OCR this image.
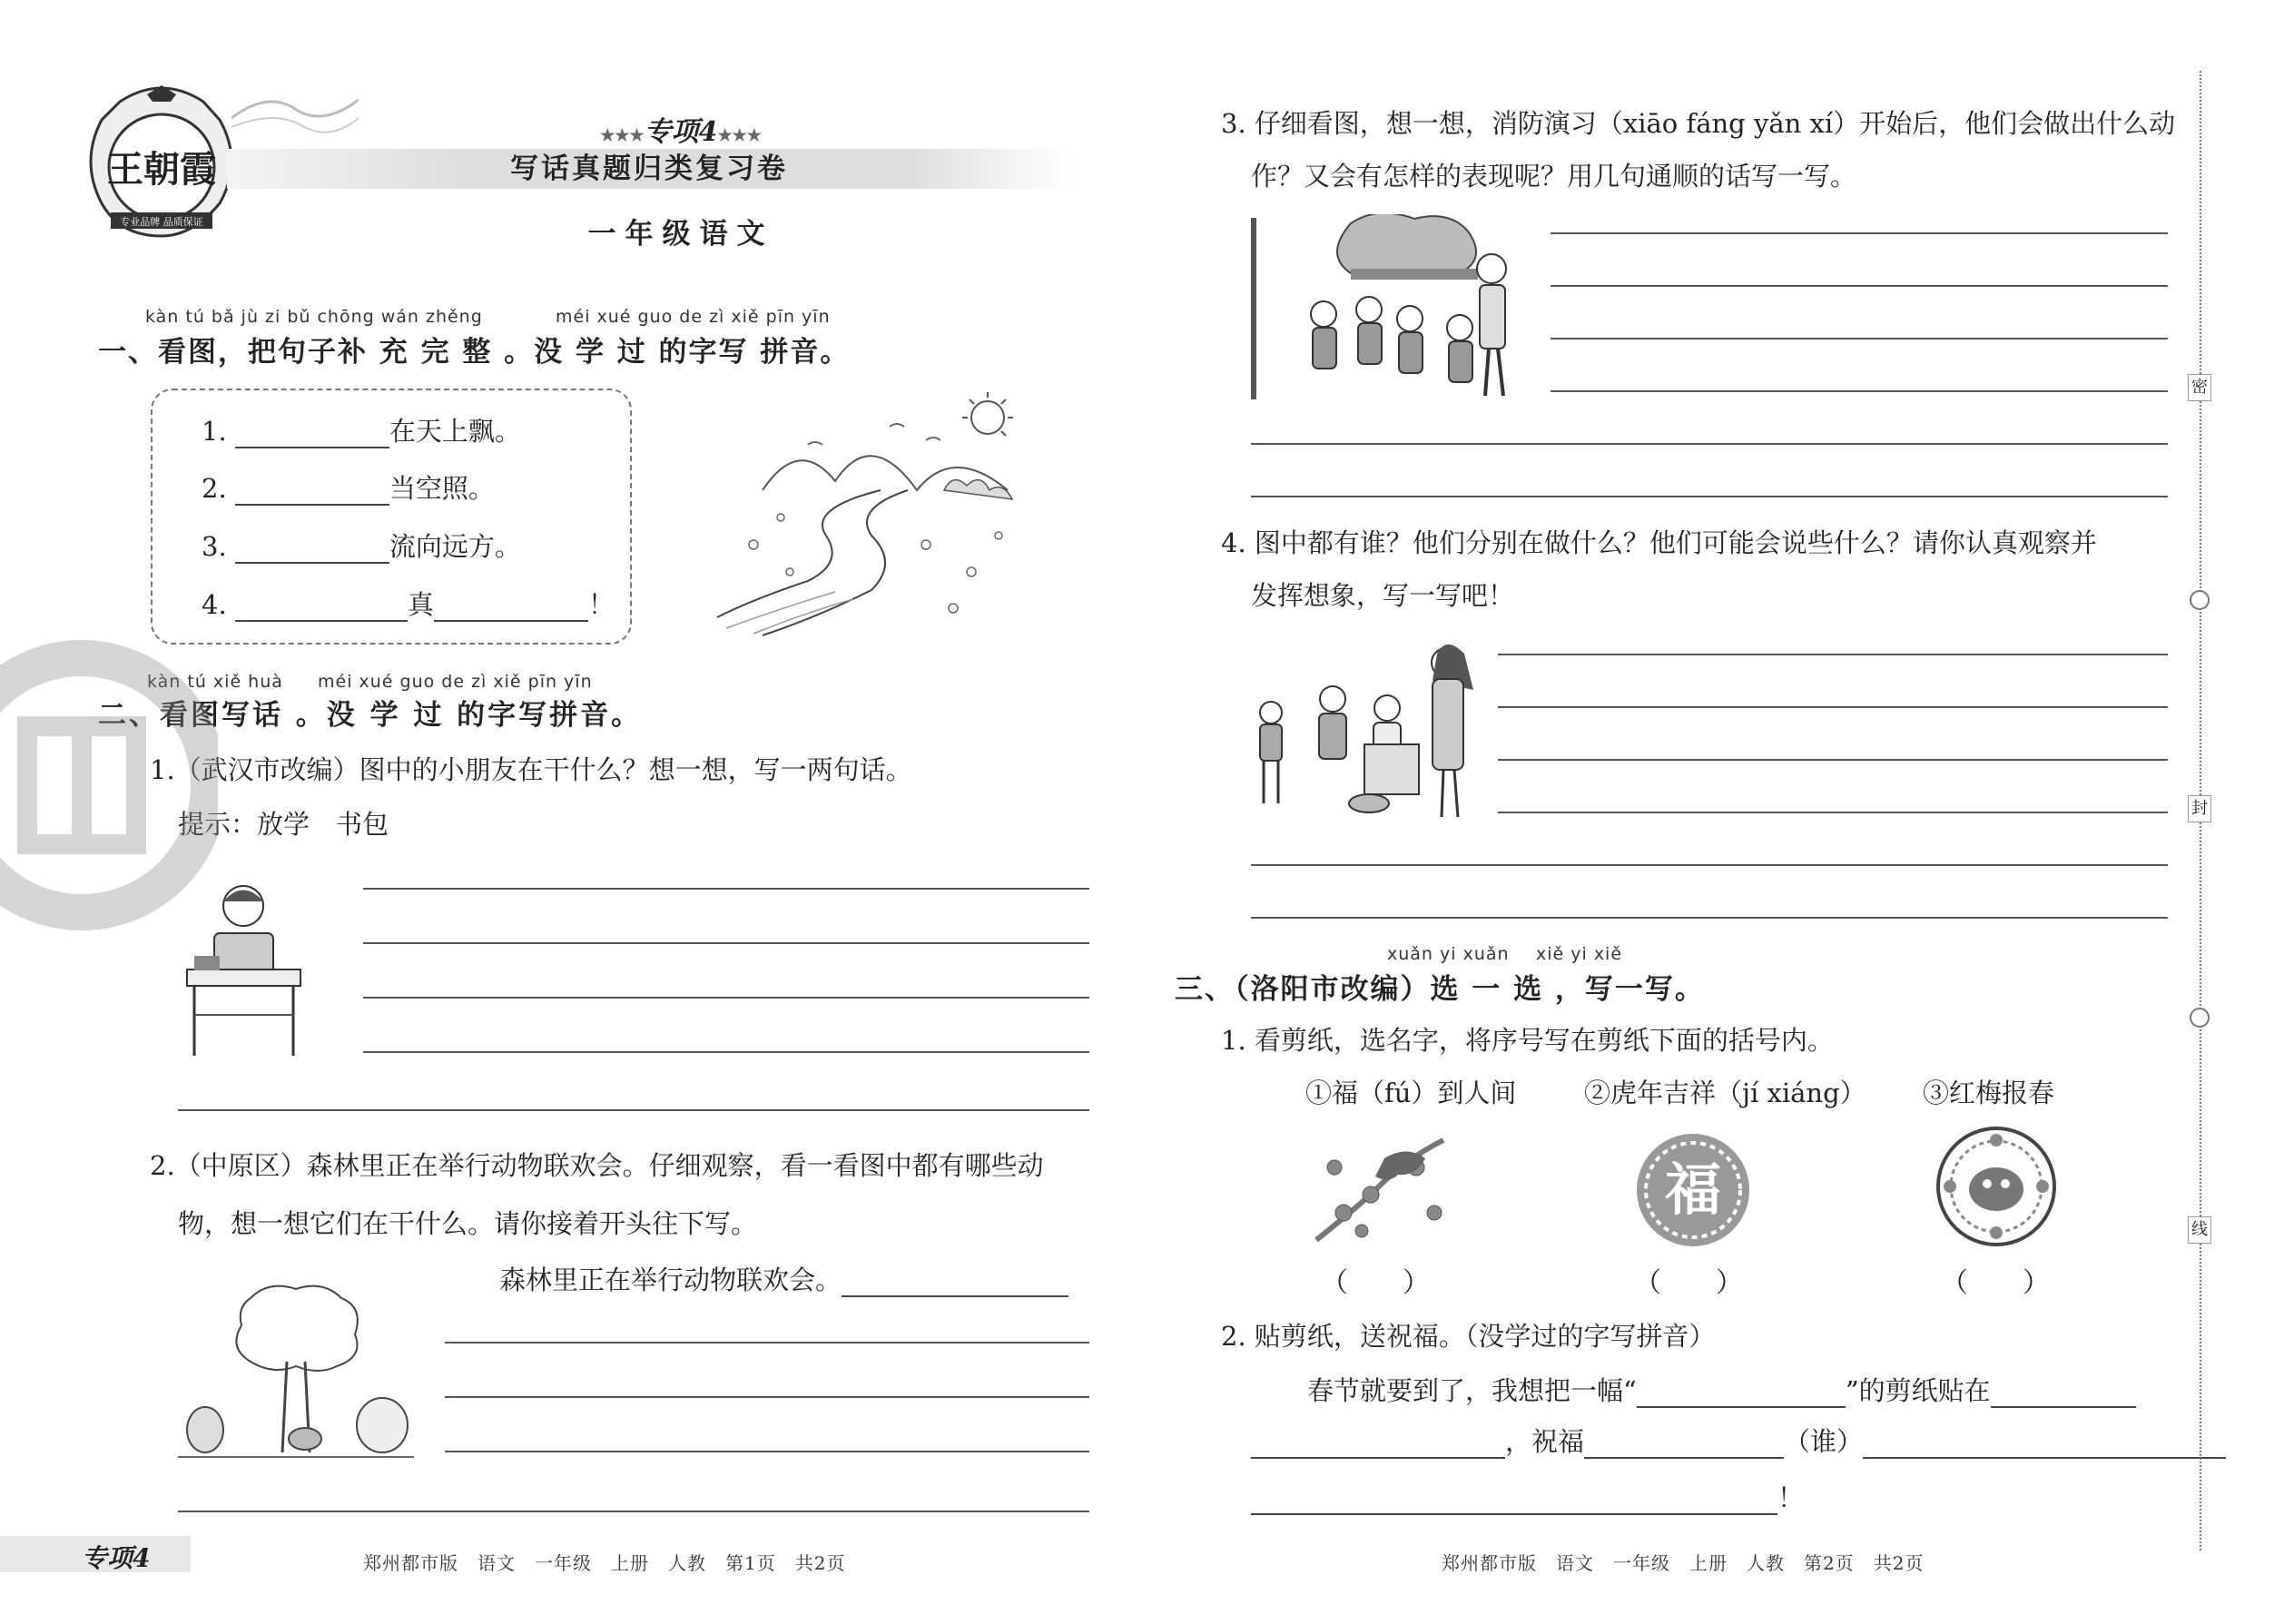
王朝霞
专业品牌 品质保证
★★★专项4★★★
写话真题归类复习卷
一年级语文
kàn tú bǎ jù zi bǔ chōng wán zhěng	méi xué guo de zì xiě pīn yīn
一、看图，把句子补 充 完 整 。没 学 过 的字写 拼音。
1.	在天上飘。
2.	当空照。
3.	流向远方。
4.	真	！
kàn tú xiě huà méi xué guo de zì xiě pīn yīn
二、看图写话 。没 学 过 的字写拼音。
1.（武汉市改编）图中的小朋友在干什么？想一想，写一两句话。
提示：放学　书包
2.（中原区）森林里正在举行动物联欢会。仔细观察，看一看图中都有哪些动
物，想一想它们在干什么。请你接着开头往下写。
森林里正在举行动物联欢会。
专项4	郑州都市版　语文　一年级　上册　人教　第1页　共2页
3. 仔细看图，想一想，消防演习（xiāo fáng yǎn xí）开始后，他们会做出什么动
作？又会有怎样的表现呢？用几句通顺的话写一写。
4. 图中都有谁？他们分别在做什么？他们可能会说些什么？请你认真观察并
发挥想象，写一写吧！
xuǎn yi xuǎn xiě yi xiě
三、（洛阳市改编）选 一 选 ，写一写。
1. 看剪纸，选名字，将序号写在剪纸下面的括号内。
①福（fú）到人间	②虎年吉祥（jí xiáng） ③红梅报春
福
（　　）	（　　）	（　　）
2. 贴剪纸，送祝福。（没学过的字写拼音）
春节就要到了，我想把一幅“	”的剪纸贴在
，祝福	（谁）
！
郑州都市版　语文　一年级　上册　人教　第2页　共2页
密
封
线
